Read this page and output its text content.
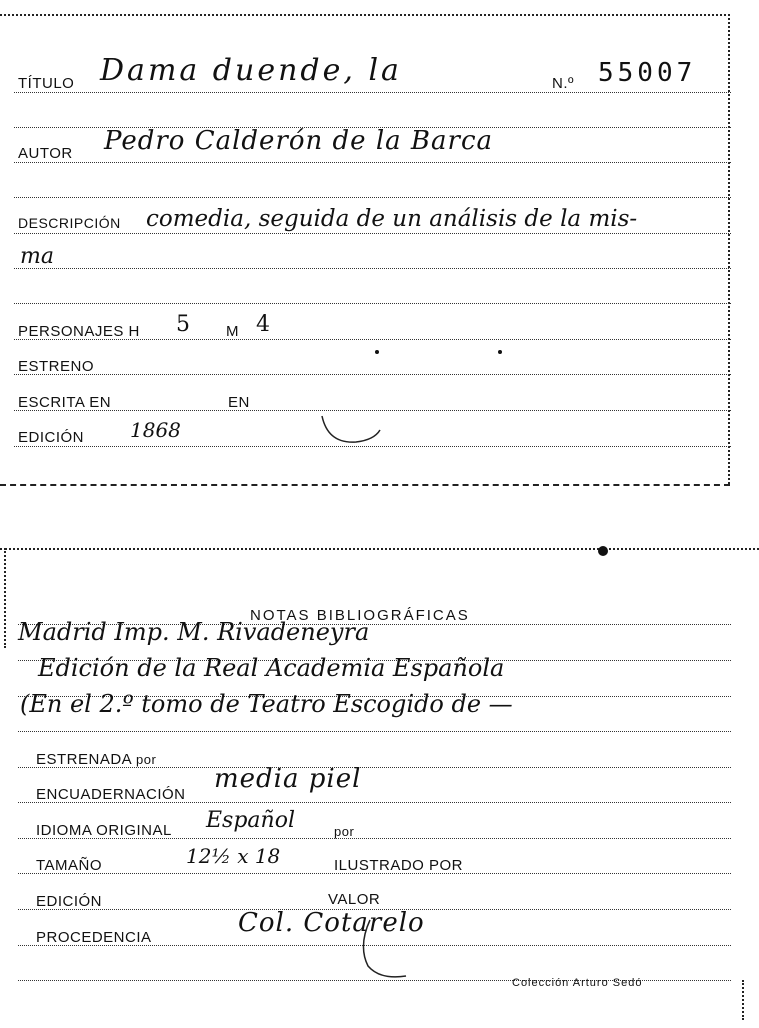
TÍTULO Dama duende, la	N.º 55007
AUTOR Pedro Calderón de la Barca
DESCRIPCIÓN comedia, seguida de un análisis de la mis-
ma
PERSONAJES H 5 M 4
ESTRENO
ESCRITA EN	EN
EDICIÓN 1868
NOTAS BIBLIOGRÁFICAS
Madrid Imp. M. Rivadeneyra
Edición de la Real Academia Española
(En el 2.º tomo de Teatro Escogido de —
ESTRENADA por
ENCUADERNACIÓN
media piel
IDIOMA ORIGINAL Español	por
TAMAÑO	12½ x 18	ILUSTRADO POR
EDICIÓN	VALOR
PROCEDENCIA	Col. Cotarelo
Colección Arturo Sedó
